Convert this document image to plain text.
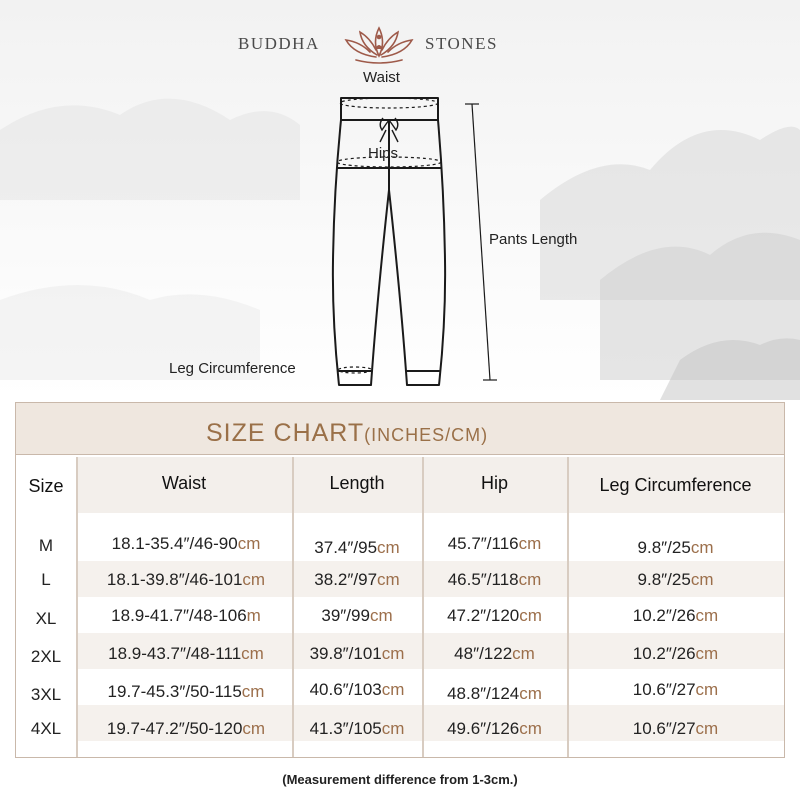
BUDDHA	STONES
Waist
Hips
Pants Length
Leg Circumference
SIZE CHART(INCHES/CM)
Size	Waist	Length	Hip	Leg Circumference
M	18.1-35.4″/46-90cm	37.4″/95cm	45.7″/116cm	9.8″/25cm
L	18.1-39.8″/46-101cm	38.2″/97cm	46.5″/118cm	9.8″/25cm
XL	18.9-41.7″/48-106m	39″/99cm	47.2″/120cm	10.2″/26cm
2XL	18.9-43.7″/48-111cm	39.8″/101cm	48″/122cm	10.2″/26cm
3XL	19.7-45.3″/50-115cm	40.6″/103cm	48.8″/124cm	10.6″/27cm
4XL	19.7-47.2″/50-120cm	41.3″/105cm	49.6″/126cm	10.6″/27cm
(Measurement difference from 1-3cm.)
